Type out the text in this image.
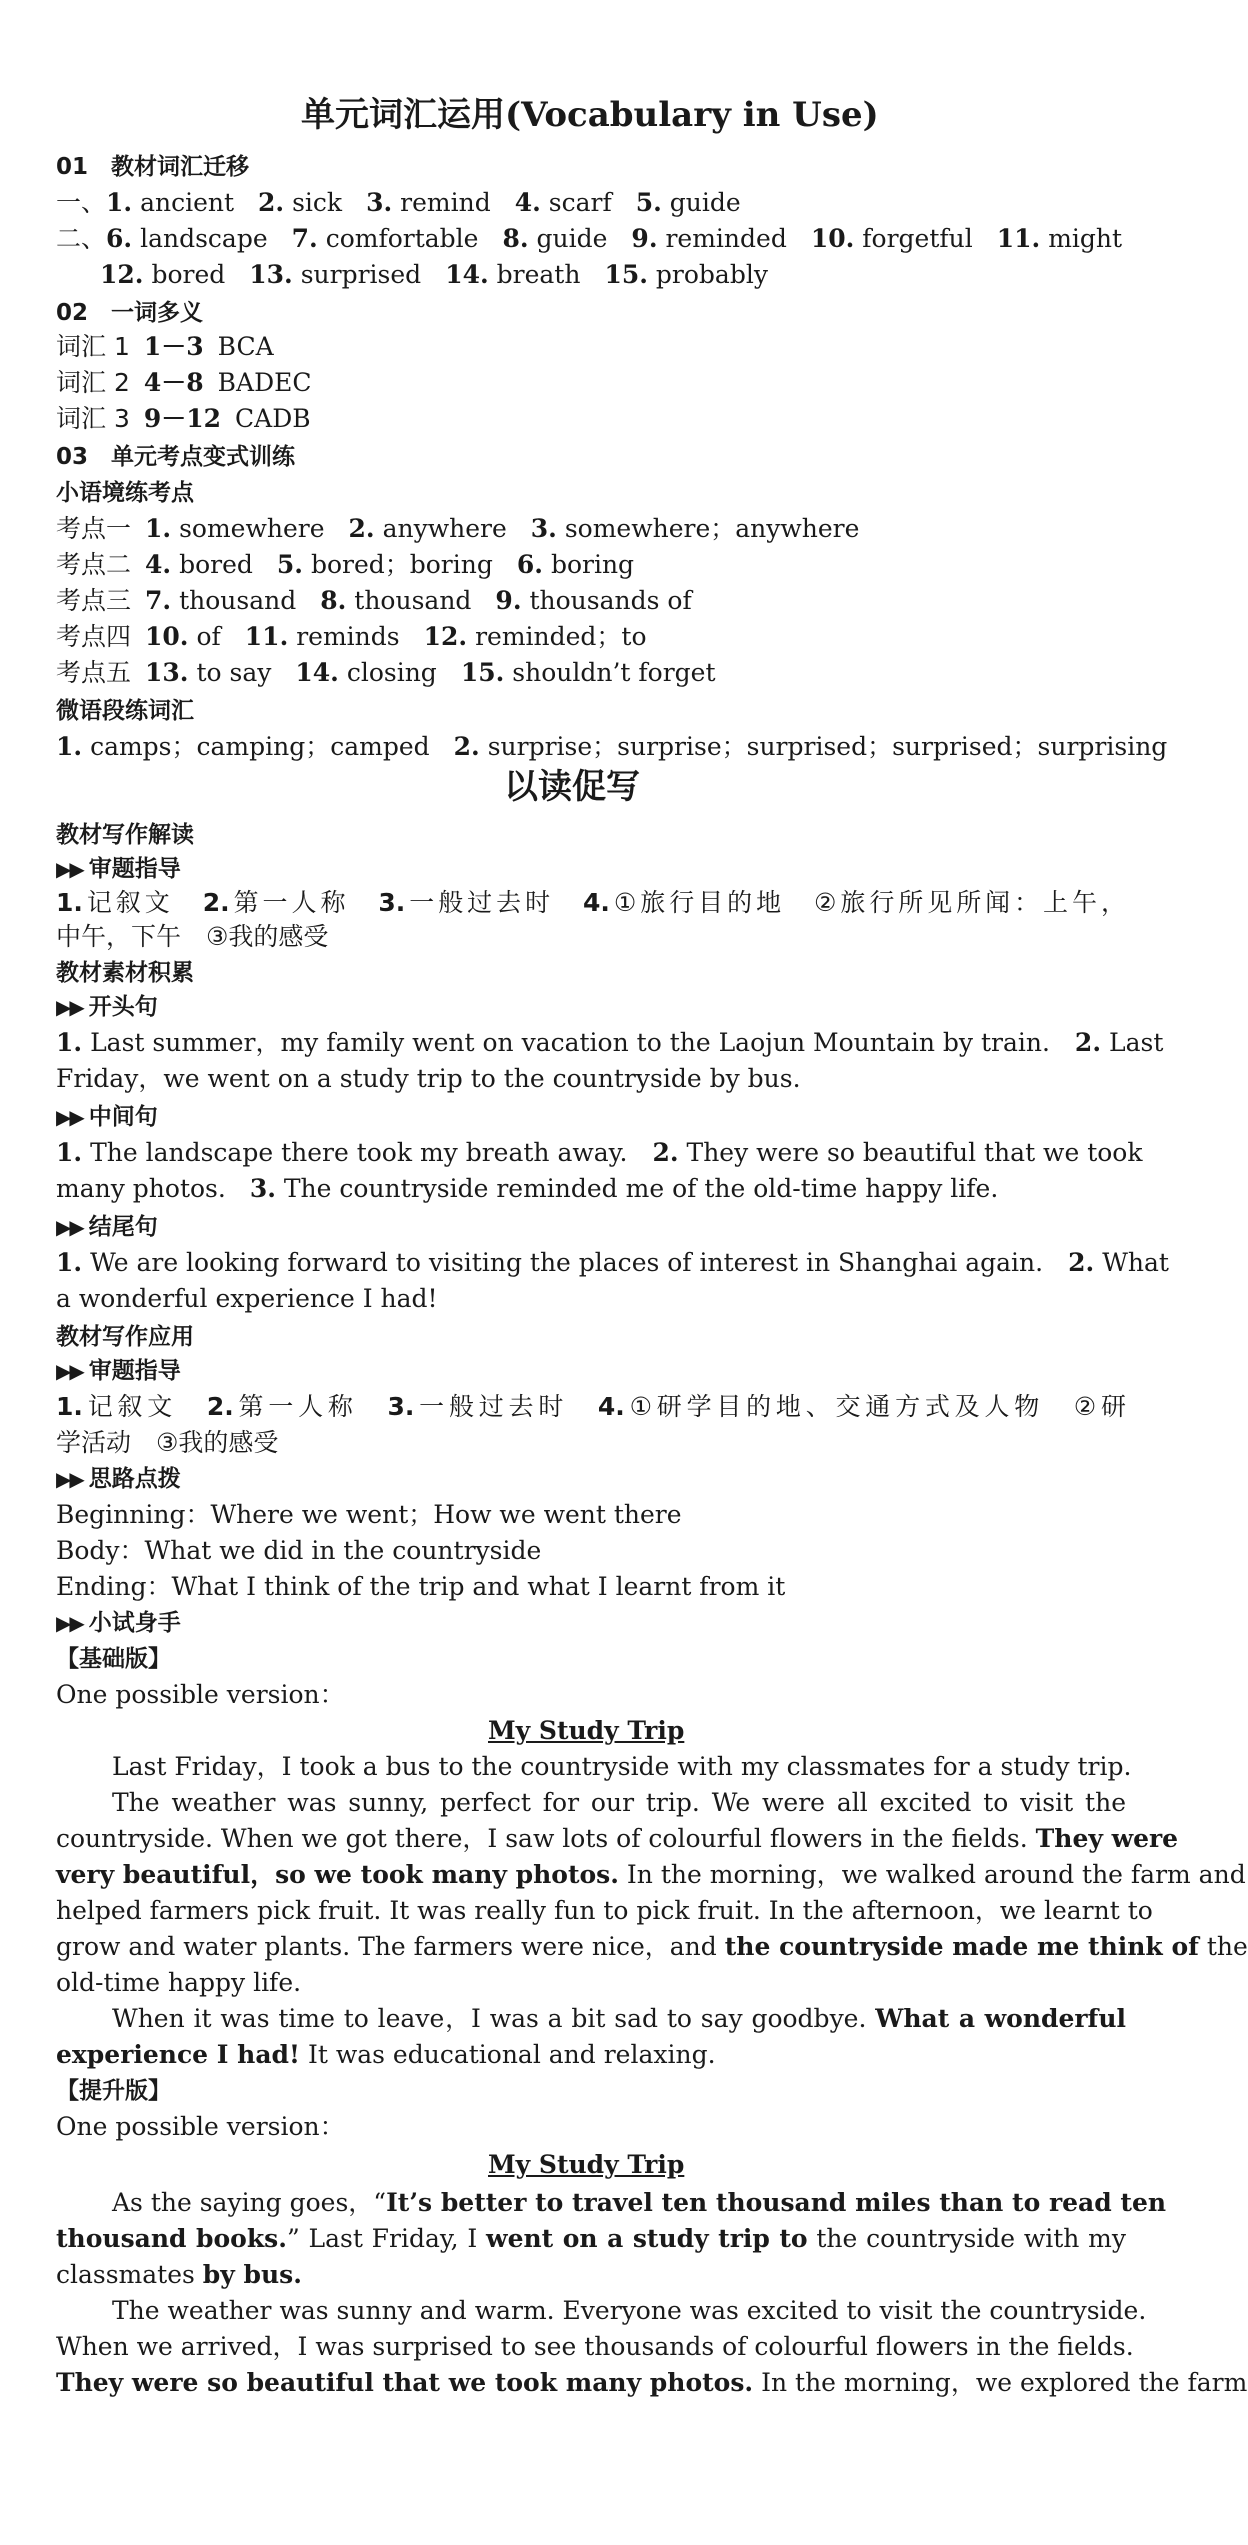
单元词汇运用(Vocabulary in Use)
01　教材词汇迁移
一、1. ancient 2. sick 3. remind 4. scarf 5. guide
二、6. landscape 7. comfortable 8. guide 9. reminded 10. forgetful 11. might
12. bored 13. surprised 14. breath 15. probably
02　一词多义
词汇 1 1－3 BCA
词汇 2 4－8 BADEC
词汇 3 9－12 CADB
03　单元考点变式训练
小语境练考点
考点一 1. somewhere 2. anywhere 3. somewhere；anywhere
考点二 4. bored 5. bored；boring 6. boring
考点三 7. thousand 8. thousand 9. thousands of
考点四 10. of 11. reminds 12. reminded；to
考点五 13. to say 14. closing 15. shouldn’t forget
微语段练词汇
1. camps；camping；camped 2. surprise；surprise；surprised；surprised；surprising
以读促写
教材写作解读
▶▶ 审题指导
1.记叙文　 2.第一人称　 3.一般过去时　 4.①旅行目的地　②旅行所见所闻：上午，
中午，下午　③我的感受
教材素材积累
▶▶ 开头句
1. Last summer，my family went on vacation to the Laojun Mountain by train.　 2. Last
Friday，we went on a study trip to the countryside by bus.
▶▶ 中间句
1. The landscape there took my breath away.　 2. They were so beautiful that we took
many photos. 3. The countryside reminded me of the old-time happy life.
▶▶ 结尾句
1. We are looking forward to visiting the places of interest in Shanghai again.　 2. What
a wonderful experience I had!
教材写作应用
▶▶ 审题指导
1.记叙文　 2.第一人称　 3.一般过去时　 4.①研学目的地、交通方式及人物　②研
学活动　③我的感受
▶▶ 思路点拨
Beginning：Where we went；How we went there
Body：What we did in the countryside
Ending：What I think of the trip and what I learnt from it
▶▶ 小试身手
【基础版】
One possible version：
My Study Trip
Last Friday，I took a bus to the countryside with my classmates for a study trip.
The weather was sunny, perfect for our trip. We were all excited to visit the
countryside. When we got there，I saw lots of colourful flowers in the fields. They were
very beautiful，so we took many photos. In the morning，we walked around the farm and
helped farmers pick fruit. It was really fun to pick fruit. In the afternoon，we learnt to
grow and water plants. The farmers were nice，and the countryside made me think of the
old-time happy life.
When it was time to leave，I was a bit sad to say goodbye. What a wonderful
experience I had! It was educational and relaxing.
【提升版】
One possible version：
My Study Trip
As the saying goes，“It’s better to travel ten thousand miles than to read ten
thousand books.” Last Friday, I went on a study trip to the countryside with my
classmates by bus.
The weather was sunny and warm. Everyone was excited to visit the countryside.
When we arrived，I was surprised to see thousands of colourful flowers in the fields.
They were so beautiful that we took many photos. In the morning，we explored the farm
